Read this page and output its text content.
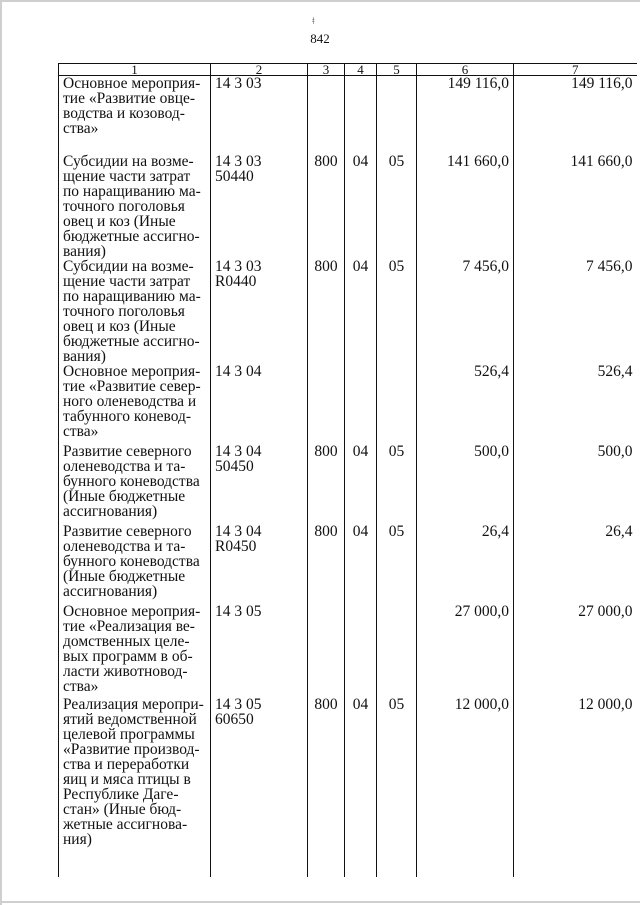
ǂ
842
1	2	3	4	5	6	7
Основное мероприя- тие «Развитие овце- водства и козовод- ства»	14 3 03				149 116,0	149 116,0
Субсидии на возме- щение части затрат по наращиванию ма- точного поголовья овец и коз (Иные бюджетные ассигно- вания)	14 3 03 50440	800	04	05	141 660,0	141 660,0
Субсидии на возме- щение части затрат по наращиванию ма- точного поголовья овец и коз (Иные бюджетные ассигно- вания)	14 3 03 R0440	800	04	05	7 456,0	7 456,0
Основное мероприя- тие «Развитие север- ного оленеводства и табунного коневод- ства»	14 3 04				526,4	526,4
Развитие северного оленеводства и та- бунного коневодства (Иные бюджетные ассигнования)	14 3 04 50450	800	04	05	500,0	500,0
Развитие северного оленеводства и та- бунного коневодства (Иные бюджетные ассигнования)	14 3 04 R0450	800	04	05	26,4	26,4
Основное мероприя- тие «Реализация ве- домственных целе- вых программ в об- ласти животновод- ства»	14 3 05				27 000,0	27 000,0
Реализация меропри- ятий ведомственной целевой программы «Развитие производ- ства и переработки яиц и мяса птицы в Республике Даге- стан» (Иные бюд- жетные ассигнова- ния)	14 3 05 60650	800	04	05	12 000,0	12 000,0
